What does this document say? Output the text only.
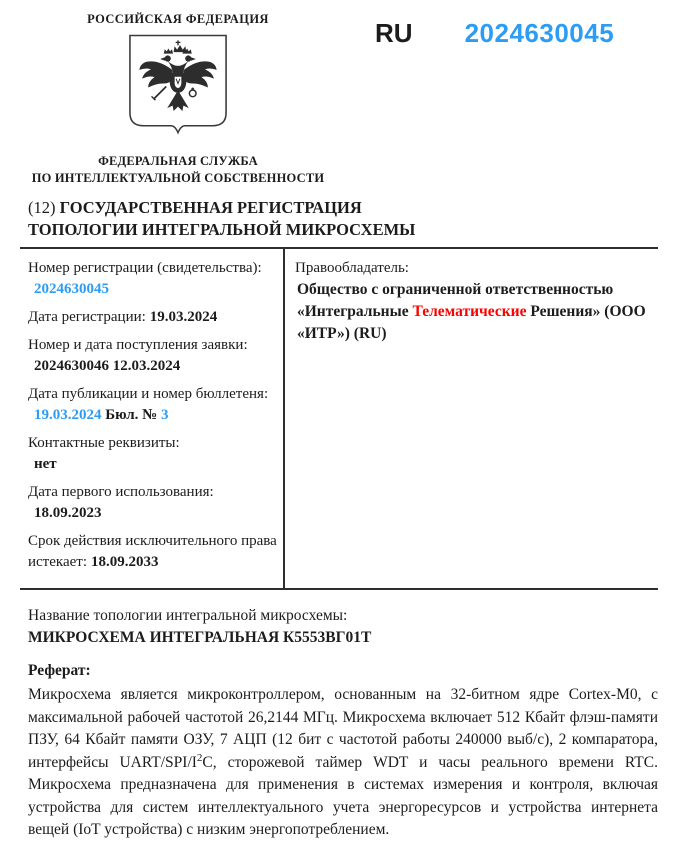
РОССИЙСКАЯ ФЕДЕРАЦИЯ
ФЕДЕРАЛЬНАЯ СЛУЖБА
ПО ИНТЕЛЛЕКТУАЛЬНОЙ СОБСТВЕННОСТИ
RU 2024630045
(12) ГОСУДАРСТВЕННАЯ РЕГИСТРАЦИЯ
ТОПОЛОГИИ ИНТЕГРАЛЬНОЙ МИКРОСХЕМЫ
Номер регистрации (свидетельства):
2024630045
Дата регистрации: 19.03.2024
Номер и дата поступления заявки:
2024630046 12.03.2024
Дата публикации и номер бюллетеня:
19.03.2024 Бюл. № 3
Контактные реквизиты:
нет
Дата первого использования:
18.09.2023
Срок действия исключительного права истекает: 18.09.2033
Правообладатель:
Общество с ограниченной ответственностью «Интегральные Телематические Решения» (ООО «ИТР») (RU)
Название топологии интегральной микросхемы:
МИКРОСХЕМА ИНТЕГРАЛЬНАЯ К5553ВГ01Т
Реферат:
Микросхема является микроконтроллером, основанным на 32-битном ядре Cortex-M0, с максимальной рабочей частотой 26,2144 МГц. Микросхема включает 512 Кбайт флэш-памяти ПЗУ, 64 Кбайт памяти ОЗУ, 7 АЦП (12 бит с частотой работы 240000 выб/с), 2 компаратора, интерфейсы UART/$SPI/I^2C$, сторожевой таймер WDT и часы реального времени RTC. Микросхема предназначена для применения в системах измерения и контроля, включая устройства для систем интеллектуального учета энергоресурсов и устройства интернета вещей (IoT устройства) с низким энергопотреблением.
